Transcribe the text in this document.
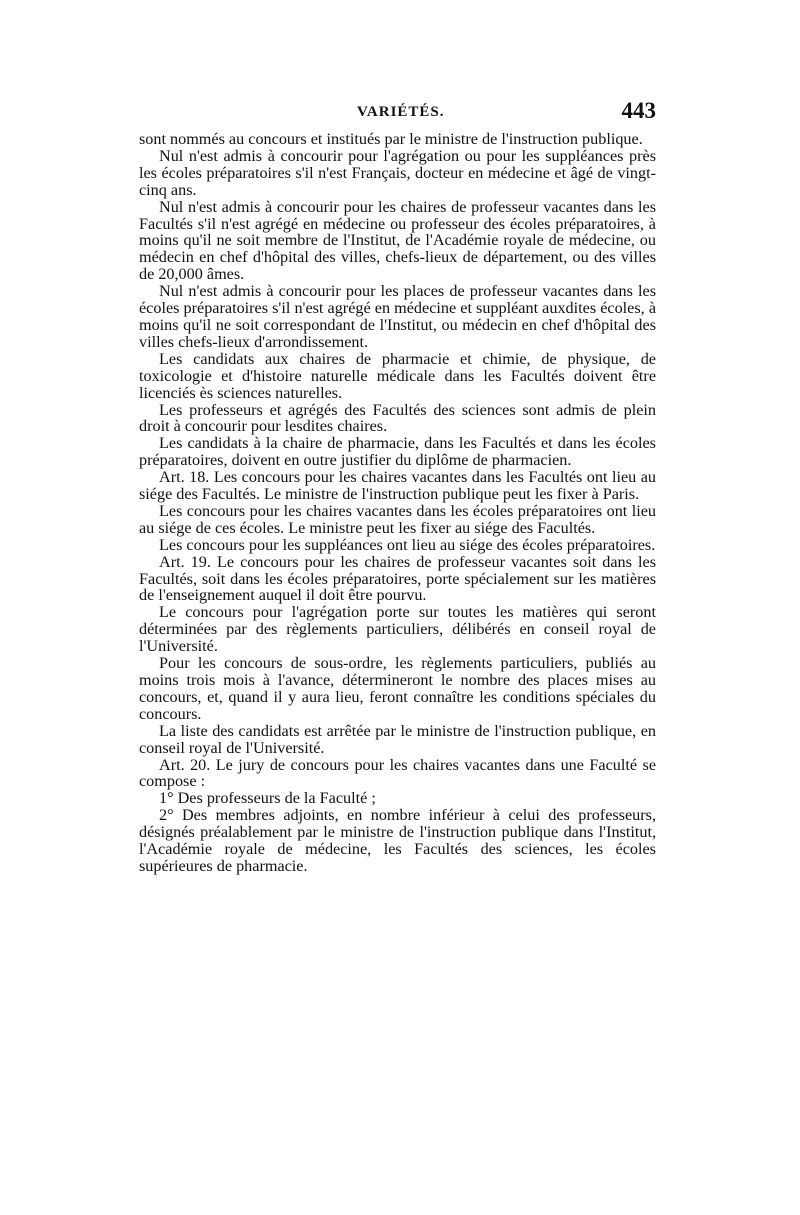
VARIÉTÉS.	443

sont nommés au concours et institués par le ministre de l'instruction publique.

Nul n'est admis à concourir pour l'agrégation ou pour les suppléances près les écoles préparatoires s'il n'est Français, docteur en médecine et âgé de vingt-cinq ans.

Nul n'est admis à concourir pour les chaires de professeur vacantes dans les Facultés s'il n'est agrégé en médecine ou professeur des écoles préparatoires, à moins qu'il ne soit membre de l'Institut, de l'Académie royale de médecine, ou médecin en chef d'hôpital des villes, chefs-lieux de département, ou des villes de 20,000 âmes.

Nul n'est admis à concourir pour les places de professeur vacantes dans les écoles préparatoires s'il n'est agrégé en médecine et suppléant auxdites écoles, à moins qu'il ne soit correspondant de l'Institut, ou médecin en chef d'hôpital des villes chefs-lieux d'arrondissement.

Les candidats aux chaires de pharmacie et chimie, de physique, de toxicologie et d'histoire naturelle médicale dans les Facultés doivent être licenciés ès sciences naturelles.

Les professeurs et agrégés des Facultés des sciences sont admis de plein droit à concourir pour lesdites chaires.

Les candidats à la chaire de pharmacie, dans les Facultés et dans les écoles préparatoires, doivent en outre justifier du diplôme de pharmacien.

Art. 18. Les concours pour les chaires vacantes dans les Facultés ont lieu au siége des Facultés. Le ministre de l'instruction publique peut les fixer à Paris.

Les concours pour les chaires vacantes dans les écoles préparatoires ont lieu au siége de ces écoles. Le ministre peut les fixer au siége des Facultés.

Les concours pour les suppléances ont lieu au siége des écoles préparatoires.

Art. 19. Le concours pour les chaires de professeur vacantes soit dans les Facultés, soit dans les écoles préparatoires, porte spécialement sur les matières de l'enseignement auquel il doit être pourvu.

Le concours pour l'agrégation porte sur toutes les matières qui seront déterminées par des règlements particuliers, délibérés en conseil royal de l'Université.

Pour les concours de sous-ordre, les règlements particuliers, publiés au moins trois mois à l'avance, détermineront le nombre des places mises au concours, et, quand il y aura lieu, feront connaître les conditions spéciales du concours.

La liste des candidats est arrêtée par le ministre de l'instruction publique, en conseil royal de l'Université.

Art. 20. Le jury de concours pour les chaires vacantes dans une Faculté se compose :

1° Des professeurs de la Faculté ;

2° Des membres adjoints, en nombre inférieur à celui des professeurs, désignés préalablement par le ministre de l'instruction publique dans l'Institut, l'Académie royale de médecine, les Facultés des sciences, les écoles supérieures de pharmacie.
